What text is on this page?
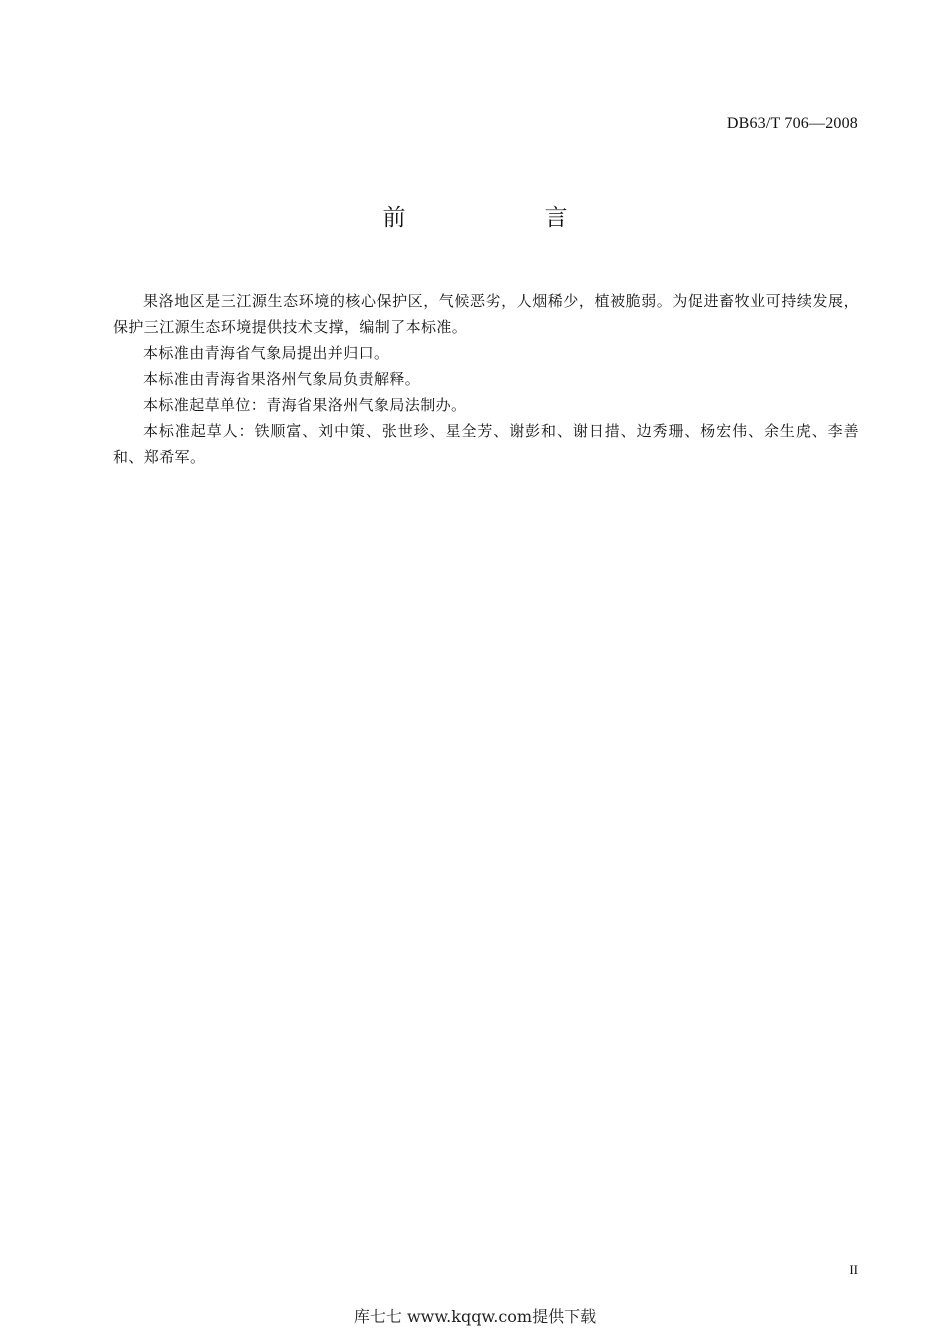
DB63/T 706—2008
前　言

果洛地区是三江源生态环境的核心保护区，气候恶劣，人烟稀少，植被脆弱。为促进畜牧业可持续发展，保护三江源生态环境提供技术支撑，编制了本标准。

本标准由青海省气象局提出并归口。

本标准由青海省果洛州气象局负责解释。

本标准起草单位：青海省果洛州气象局法制办。

本标准起草人：铁顺富、刘中策、张世珍、星全芳、谢彭和、谢日措、边秀珊、杨宏伟、余生虎、李善和、郑希军。

II
库七七 www.kqqw.com提供下载
